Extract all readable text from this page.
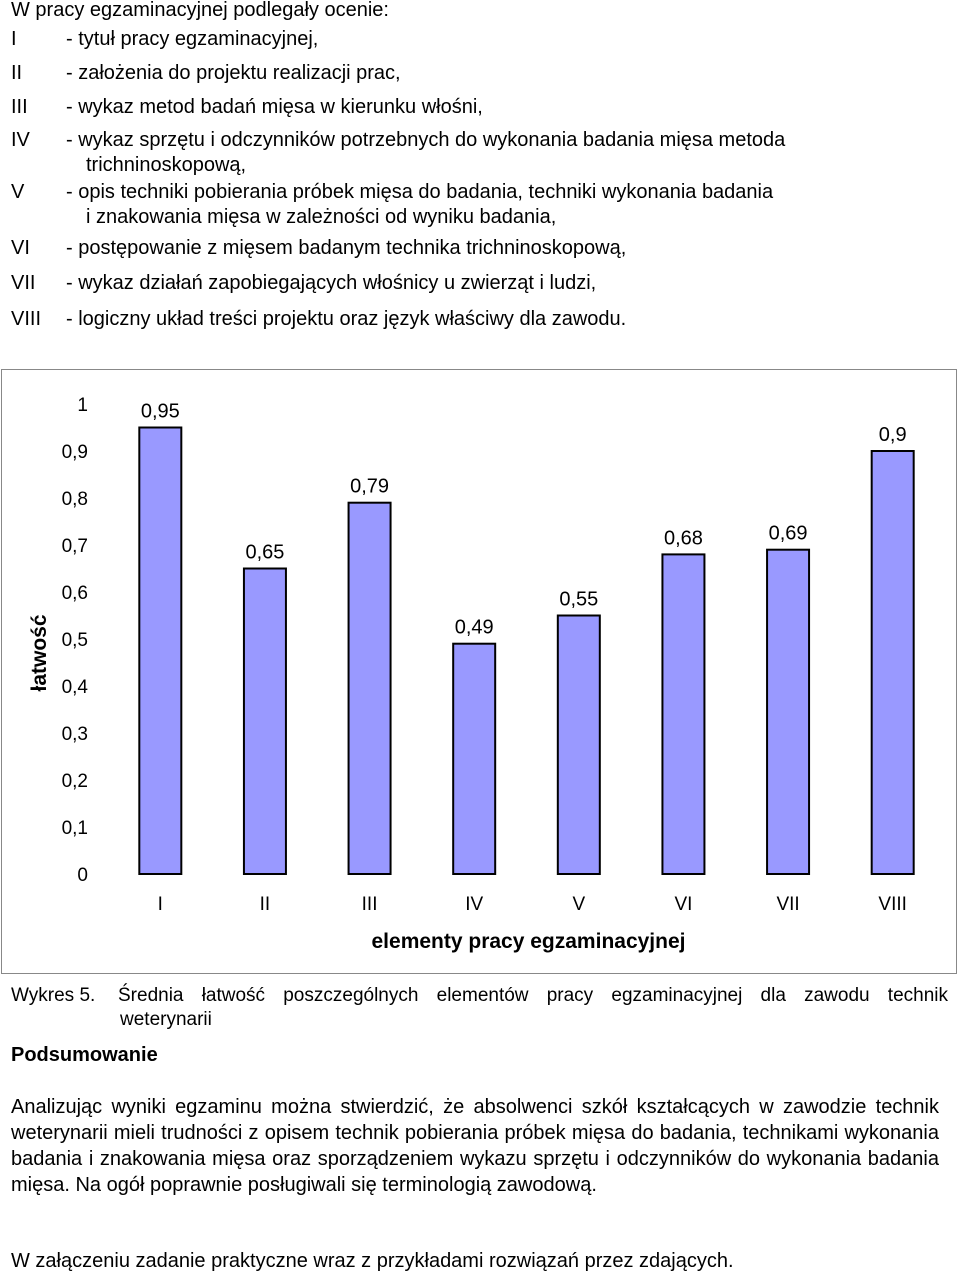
W pracy egzaminacyjnej podlegały ocenie:
I - tytuł pracy egzaminacyjnej,
II - założenia do projektu realizacji prac,
III - wykaz metod badań mięsa w kierunku włośni,
IV - wykaz sprzętu i odczynników potrzebnych do wykonania badania mięsa metoda
trichninoskopową,
V - opis techniki pobierania próbek mięsa do badania, techniki wykonania badania
i znakowania mięsa w zależności od wyniku badania,
VI - postępowanie z mięsem badanym technika trichninoskopową,
VII - wykaz działań zapobiegających włośnicy u zwierząt i ludzi,
VIII - logiczny układ treści projektu oraz język właściwy dla zawodu.
0
0,1
0,2
0,3
0,4
0,5
0,6
0,7
0,8
0,9
1
łatwość
0,95
I
0,65
II
0,79
III
0,49
IV
0,55
V
0,68
VI
0,69
VII
0,9
VIII
elementy pracy egzaminacyjnej
Wykres 5. Średnia łatwość poszczególnych elementów pracy egzaminacyjnej dla zawodu technik
weterynarii
Podsumowanie
Analizując wyniki egzaminu można stwierdzić, że absolwenci szkół kształcących w zawodzie technik weterynarii mieli trudności z opisem technik pobierania próbek mięsa do badania, technikami wykonania badania i znakowania mięsa oraz sporządzeniem wykazu sprzętu i odczynników do wykonania badania mięsa. Na ogół poprawnie posługiwali się terminologią zawodową.
W załączeniu zadanie praktyczne wraz z przykładami rozwiązań przez zdających.
